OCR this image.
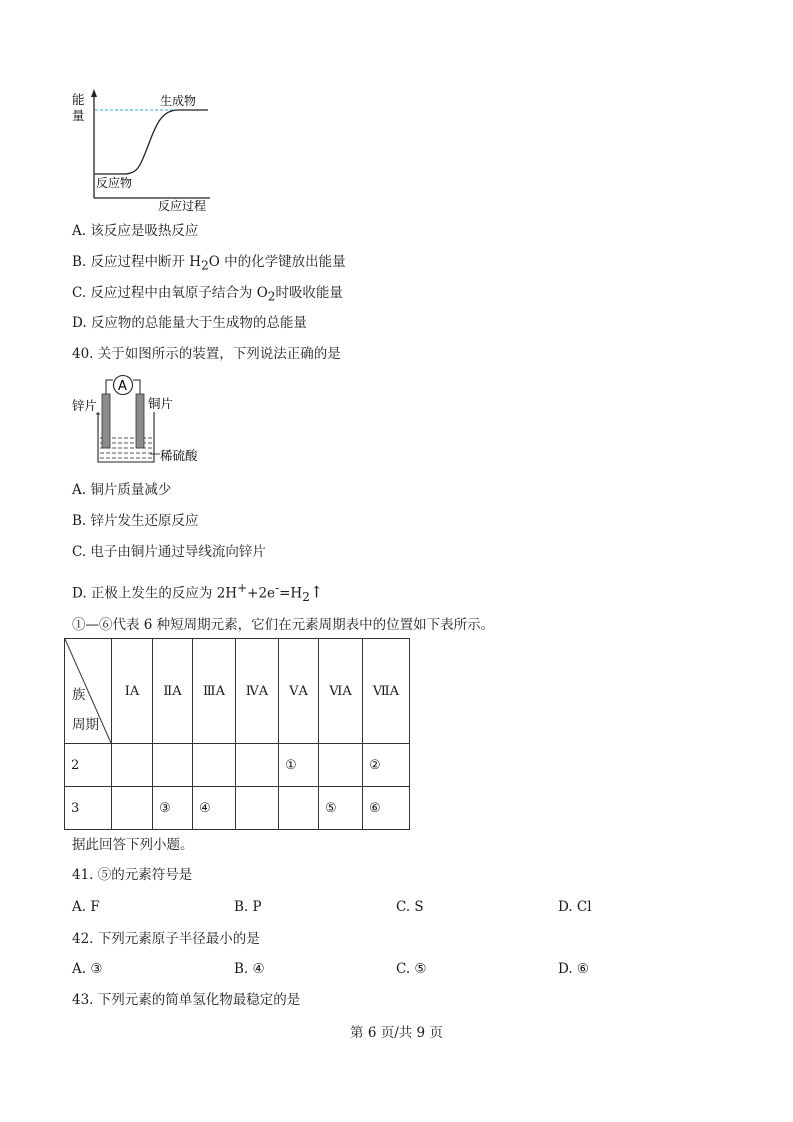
能
量
生成物
反应物
反应过程
A. 该反应是吸热反应
B. 反应过程中断开 $H_2O$ 中的化学键放出能量
C. 反应过程中由氧原子结合为 $O_2$时吸收能量
D. 反应物的总能量大于生成物的总能量
40. 关于如图所示的装置，下列说法正确的是
A
锌片	铜片
稀硫酸
A. 铜片质量减少
B. 锌片发生还原反应
C. 电子由铜片通过导线流向锌片
D. 正极上发生的反应为 $2H^++2e^-=H_2↑$
①—⑥代表 6 种短周期元素，它们在元素周期表中的位置如下表所示。
族
周期	ⅠA	ⅡA	ⅢA	ⅣA	ⅤA	ⅥA	ⅦA
2					①		②
3		③	④			⑤	⑥
据此回答下列小题。
41. ⑤的元素符号是
A. F	B. P	C. S	D. Cl
42. 下列元素原子半径最小的是
A. ③	B. ④	C. ⑤	D. ⑥
43. 下列元素的简单氢化物最稳定的是
第 6 页/共 9 页
